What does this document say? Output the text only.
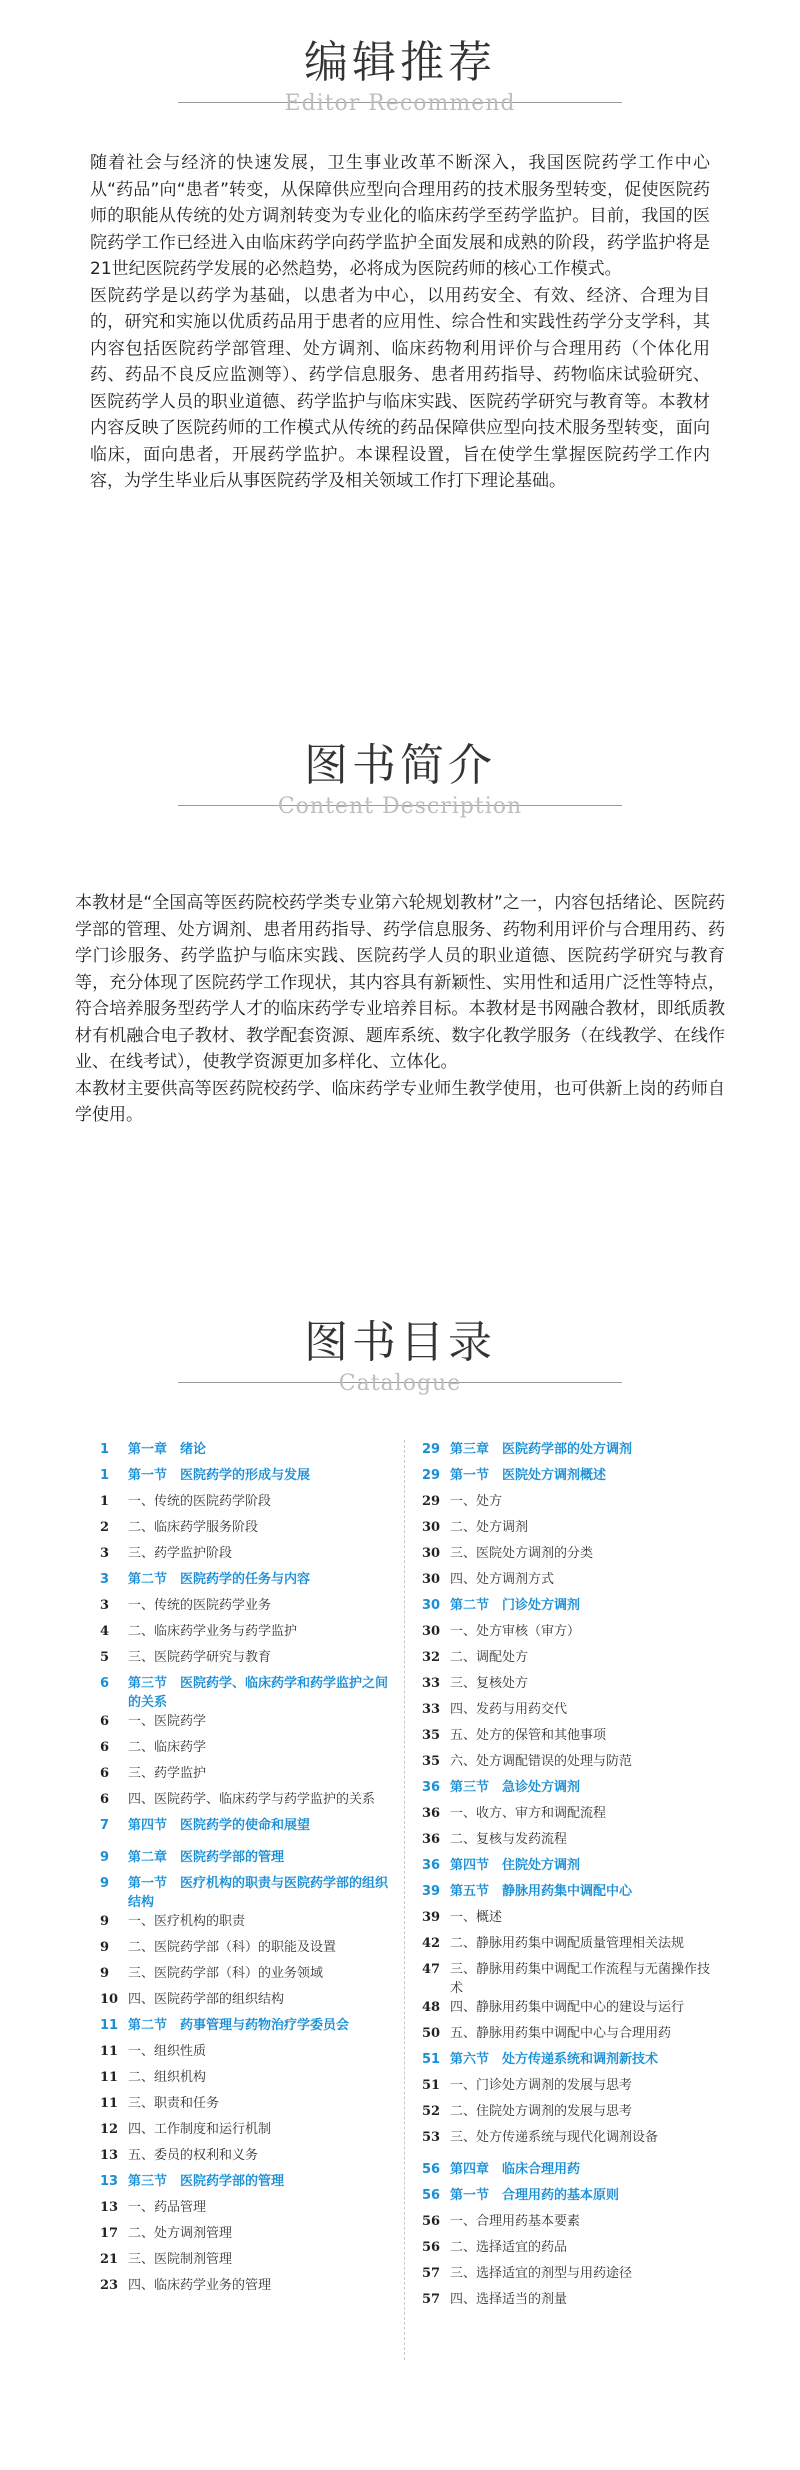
编辑推荐
Editor Recommend

随着社会与经济的快速发展，卫生事业改革不断深入，我国医院药学工作中心从“药品”向“患者”转变，从保障供应型向合理用药的技术服务型转变，促使医院药师的职能从传统的处方调剂转变为专业化的临床药学至药学监护。目前，我国的医院药学工作已经进入由临床药学向药学监护全面发展和成熟的阶段，药学监护将是21世纪医院药学发展的必然趋势，必将成为医院药师的核心工作模式。

医院药学是以药学为基础，以患者为中心，以用药安全、有效、经济、合理为目的，研究和实施以优质药品用于患者的应用性、综合性和实践性药学分支学科，其内容包括医院药学部管理、处方调剂、临床药物利用评价与合理用药（个体化用药、药品不良反应监测等）、药学信息服务、患者用药指导、药物临床试验研究、医院药学人员的职业道德、药学监护与临床实践、医院药学研究与教育等。本教材内容反映了医院药师的工作模式从传统的药品保障供应型向技术服务型转变，面向临床，面向患者，开展药学监护。本课程设置，旨在使学生掌握医院药学工作内容，为学生毕业后从事医院药学及相关领域工作打下理论基础。

图书简介
Content Description

本教材是“全国高等医药院校药学类专业第六轮规划教材”之一，内容包括绪论、医院药学部的管理、处方调剂、患者用药指导、药学信息服务、药物利用评价与合理用药、药学门诊服务、药学监护与临床实践、医院药学人员的职业道德、医院药学研究与教育等，充分体现了医院药学工作现状，其内容具有新颖性、实用性和适用广泛性等特点，符合培养服务型药学人才的临床药学专业培养目标。本教材是书网融合教材，即纸质教材有机融合电子教材、教学配套资源、题库系统、数字化教学服务（在线教学、在线作业、在线考试），使教学资源更加多样化、立体化。

本教材主要供高等医药院校药学、临床药学专业师生教学使用，也可供新上岗的药师自学使用。

图书目录
Catalogue
1	第一章　绪论
1	第一节　医院药学的形成与发展
1	一、传统的医院药学阶段
2	二、临床药学服务阶段
3	三、药学监护阶段
3	第二节　医院药学的任务与内容
3	一、传统的医院药学业务
4	二、临床药学业务与药学监护
5	三、医院药学研究与教育
6	第三节　医院药学、临床药学和药学监护之间的关系
6	一、医院药学
6	二、临床药学
6	三、药学监护
6	四、医院药学、临床药学与药学监护的关系
7	第四节　医院药学的使命和展望
9	第二章　医院药学部的管理
9	第一节　医疗机构的职责与医院药学部的组织结构
9	一、医疗机构的职责
9	二、医院药学部（科）的职能及设置
9	三、医院药学部（科）的业务领域
10 四、医院药学部的组织结构
11 第二节　药事管理与药物治疗学委员会
11 一、组织性质
11 二、组织机构
11 三、职责和任务
12 四、工作制度和运行机制
13 五、委员的权利和义务
13 第三节　医院药学部的管理
13 一、药品管理
17 二、处方调剂管理
21 三、医院制剂管理
23 四、临床药学业务的管理
29 第三章　医院药学部的处方调剂
29 第一节　医院处方调剂概述
29 一、处方
30 二、处方调剂
30 三、医院处方调剂的分类
30 四、处方调剂方式
30 第二节　门诊处方调剂
30 一、处方审核（审方）
32 二、调配处方
33 三、复核处方
33 四、发药与用药交代
35 五、处方的保管和其他事项
35 六、处方调配错误的处理与防范
36 第三节　急诊处方调剂
36 一、收方、审方和调配流程
36 二、复核与发药流程
36 第四节　住院处方调剂
39 第五节　静脉用药集中调配中心
39 一、概述
42 二、静脉用药集中调配质量管理相关法规
47 三、静脉用药集中调配工作流程与无菌操作技术
48 四、静脉用药集中调配中心的建设与运行
50 五、静脉用药集中调配中心与合理用药
51 第六节　处方传递系统和调剂新技术
51 一、门诊处方调剂的发展与思考
52 二、住院处方调剂的发展与思考
53 三、处方传递系统与现代化调剂设备
56 第四章　临床合理用药
56 第一节　合理用药的基本原则
56 一、合理用药基本要素
56 二、选择适宜的药品
57 三、选择适宜的剂型与用药途径
57 四、选择适当的剂量
